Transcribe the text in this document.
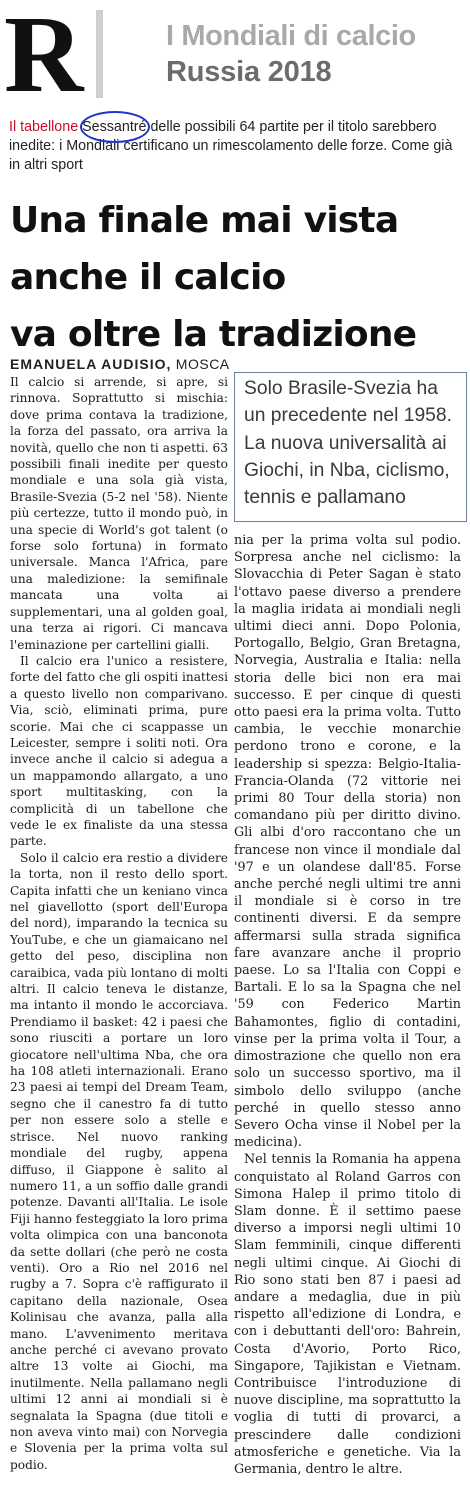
R	I Mondiali di calcio
Russia 2018
Il tabellone Sessantré delle possibili 64 partite per il titolo sarebbero inedite: i Mondiali certificano un rimescolamento delle forze. Come già in altri sport
Una finale mai vista
anche il calcio
va oltre la tradizione
EMANUELA AUDISIO, MOSCA

Solo Brasile-Svezia ha un precedente nel 1958.

La nuova universalità ai Giochi, in Nba, ciclismo, tennis e pallamano

Il calcio si arrende, si apre, si rinnova. Soprattutto si mischia: dove prima contava la tradizione, la forza del passato, ora arriva la novità, quello che non ti aspetti. 63 possibili finali inedite per questo mondiale e una sola già vista, Brasile-Svezia (5-2 nel '58). Niente più certezze, tutto il mondo può, in una specie di World's got talent (o forse solo fortuna) in formato universale. Manca l'Africa, pare una maledizione: la semifinale mancata una volta ai supplementari, una al golden goal, una terza ai rigori. Ci mancava l'eminazione per cartellini gialli.

Il calcio era l'unico a resistere, forte del fatto che gli ospiti inattesi a questo livello non comparivano. Via, sciò, eliminati prima, pure scorie. Mai che ci scappasse un Leicester, sempre i soliti noti. Ora invece anche il calcio si adegua a un mappamondo allargato, a uno sport multitasking, con la complicità di un tabellone che vede le ex finaliste da una stessa parte.

Solo il calcio era restio a dividere la torta, non il resto dello sport. Capita infatti che un keniano vinca nel giavellotto (sport dell'Europa del nord), imparando la tecnica su YouTube, e che un giamaicano nel getto del peso, disciplina non caraibica, vada più lontano di molti altri. Il calcio teneva le distanze, ma intanto il mondo le accorciava. Prendiamo il basket: 42 i paesi che sono riusciti a portare un loro giocatore nell'ultima Nba, che ora ha 108 atleti internazionali. Erano 23 paesi ai tempi del Dream Team, segno che il canestro fa di tutto per non essere solo a stelle e strisce. Nel nuovo ranking mondiale del rugby, appena diffuso, il Giappone è salito al numero 11, a un soffio dalle grandi potenze. Davanti all'Italia. Le isole Fiji hanno festeggiato la loro prima volta olimpica con una banconota da sette dollari (che però ne costa venti). Oro a Rio nel 2016 nel rugby a 7. Sopra c'è raffigurato il capitano della nazionale, Osea Kolinisau che avanza, palla alla mano. L'avvenimento meritava anche perché ci avevano provato altre 13 volte ai Giochi, ma inutilmente. Nella pallamano negli ultimi 12 anni ai mondiali si è segnalata la Spagna (due titoli e non aveva vinto mai) con Norvegia e Slovenia per la prima volta sul podio.

nia per la prima volta sul podio. Sorpresa anche nel ciclismo: la Slovacchia di Peter Sagan è stato l'ottavo paese diverso a prendere la maglia iridata ai mondiali negli ultimi dieci anni. Dopo Polonia, Portogallo, Belgio, Gran Bretagna, Norvegia, Australia e Italia: nella storia delle bici non era mai successo. E per cinque di questi otto paesi era la prima volta. Tutto cambia, le vecchie monarchie perdono trono e corone, e la leadership si spezza: Belgio-Italia-Francia-Olanda (72 vittorie nei primi 80 Tour della storia) non comandano più per diritto divino. Gli albi d'oro raccontano che un francese non vince il mondiale dal '97 e un olandese dall'85. Forse anche perché negli ultimi tre anni il mondiale si è corso in tre continenti diversi. E da sempre affermarsi sulla strada significa fare avanzare anche il proprio paese. Lo sa l'Italia con Coppi e Bartali. E lo sa la Spagna che nel '59 con Federico Martin Bahamontes, figlio di contadini, vinse per la prima volta il Tour, a dimostrazione che quello non era solo un successo sportivo, ma il simbolo dello sviluppo (anche perché in quello stesso anno Severo Ocha vinse il Nobel per la medicina).

Nel tennis la Romania ha appena conquistato al Roland Garros con Simona Halep il primo titolo di Slam donne. È il settimo paese diverso a imporsi negli ultimi 10 Slam femminili, cinque differenti negli ultimi cinque. Ai Giochi di Rio sono stati ben 87 i paesi ad andare a medaglia, due in più rispetto all'edizione di Londra, e con i debuttanti dell'oro: Bahrein, Costa d'Avorio, Porto Rico, Singapore, Tajikistan e Vietnam. Contribuisce l'introduzione di nuove discipline, ma soprattutto la voglia di tutti di provarci, a prescindere dalle condizioni atmosferiche e genetiche. Via la Germania, dentro le altre.
